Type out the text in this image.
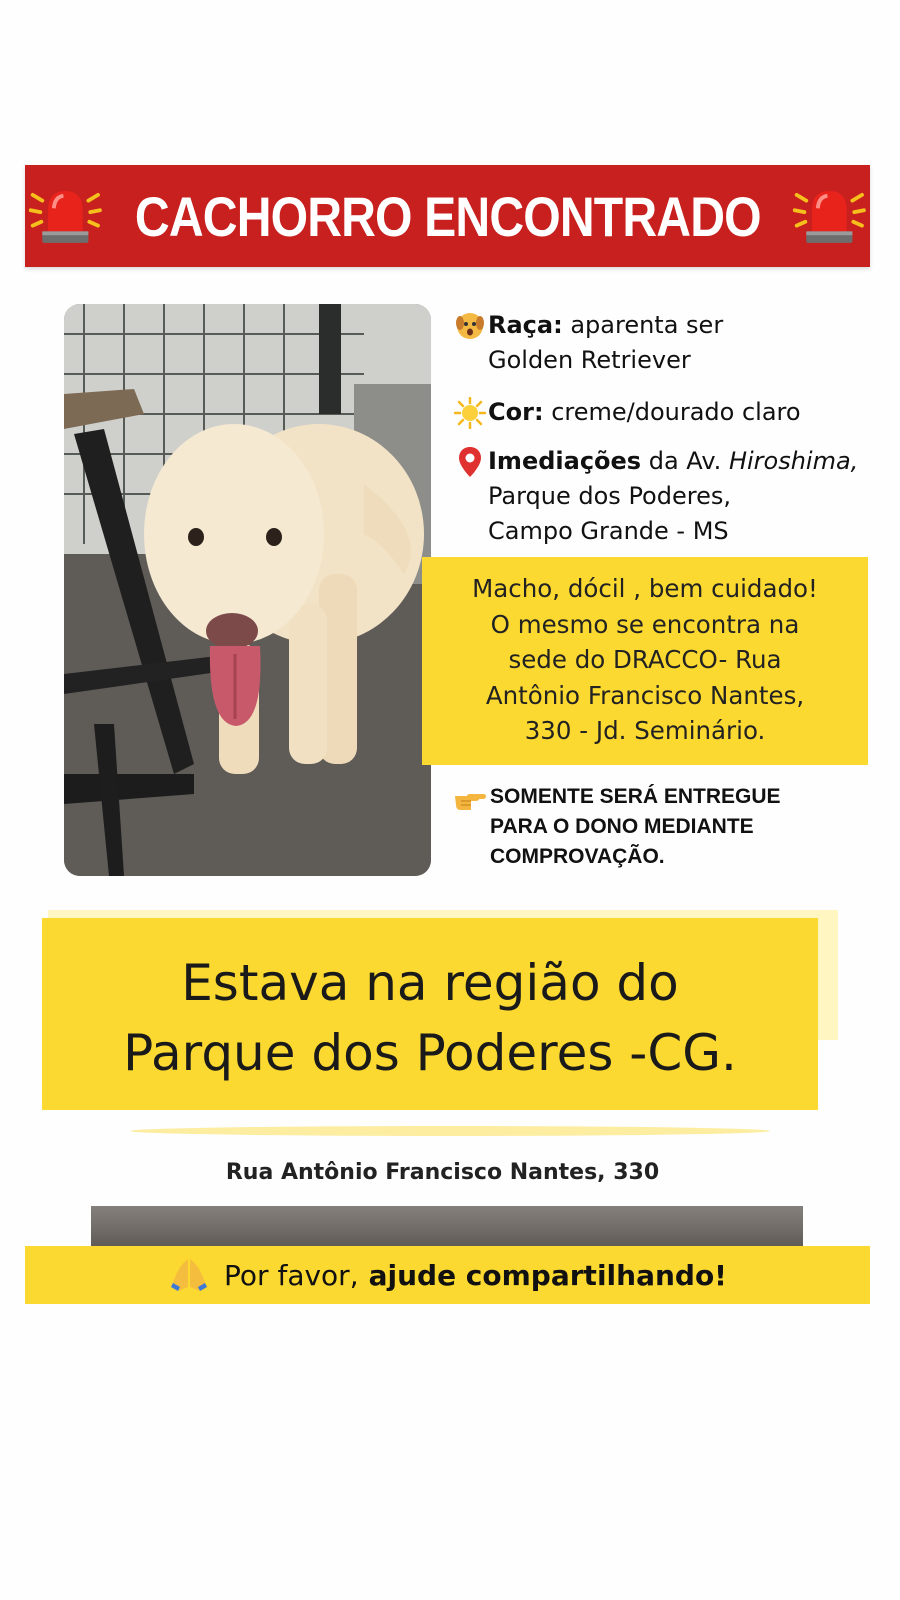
CACHORRO ENCONTRADO
Raça: aparenta ser
Golden Retriever
Cor: creme/dourado claro
Imediações da Av. Hiroshima,
Parque dos Poderes,
Campo Grande - MS
Macho, dócil , bem cuidado!
O mesmo se encontra na
sede do DRACCO- Rua
Antônio Francisco Nantes,
330 - Jd. Seminário.
SOMENTE SERÁ ENTREGUE
PARA O DONO MEDIANTE
COMPROVAÇÃO.
Estava na região do
Parque dos Poderes -CG.
Rua Antônio Francisco Nantes, 330
Por favor, ajude compartilhando!
